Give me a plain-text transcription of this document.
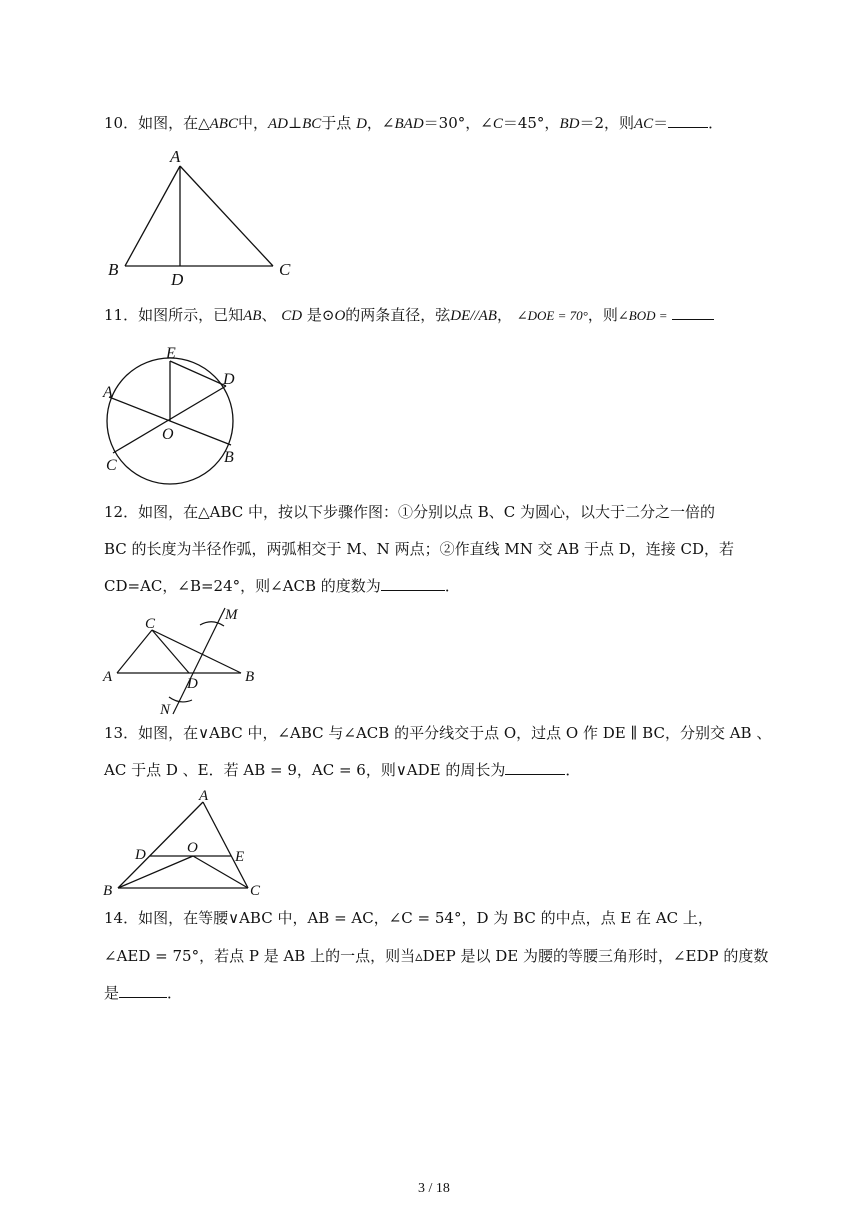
10．如图，在△ABC中，AD⊥BC于点 D，∠BAD＝30°，∠C＝45°，BD＝2，则AC＝	．
A
B	C
D
11．如图所示，已知AB、 CD 是⊙O的两条直径，弦DE//AB， ∠DOE = 70°，则∠BOD =
E
D
A
O
C	B
12．如图，在△ABC 中，按以下步骤作图：①分别以点 B、C 为圆心，以大于二分之一倍的
BC 的长度为半径作弧，两弧相交于 M、N 两点；②作直线 MN 交 AB 于点 D，连接 CD，若
CD=AC，∠B=24°，则∠ACB 的度数为	．
C
M
A	D	B
N
13．如图，在∨ABC 中，∠ABC 与∠ACB 的平分线交于点 O，过点 O 作 DE ∥ BC，分别交 AB 、
AC 于点 D 、E．若 AB = 9，AC = 6，则∨ADE 的周长为	．
A
D	O
E
B	C
14．如图，在等腰∨ABC 中，AB = AC，∠C = 54°，D 为 BC 的中点，点 E 在 AC 上，
∠AED = 75°，若点 P 是 AB 上的一点，则当▵DEP 是以 DE 为腰的等腰三角形时，∠EDP 的度数
是	．
3 / 18
